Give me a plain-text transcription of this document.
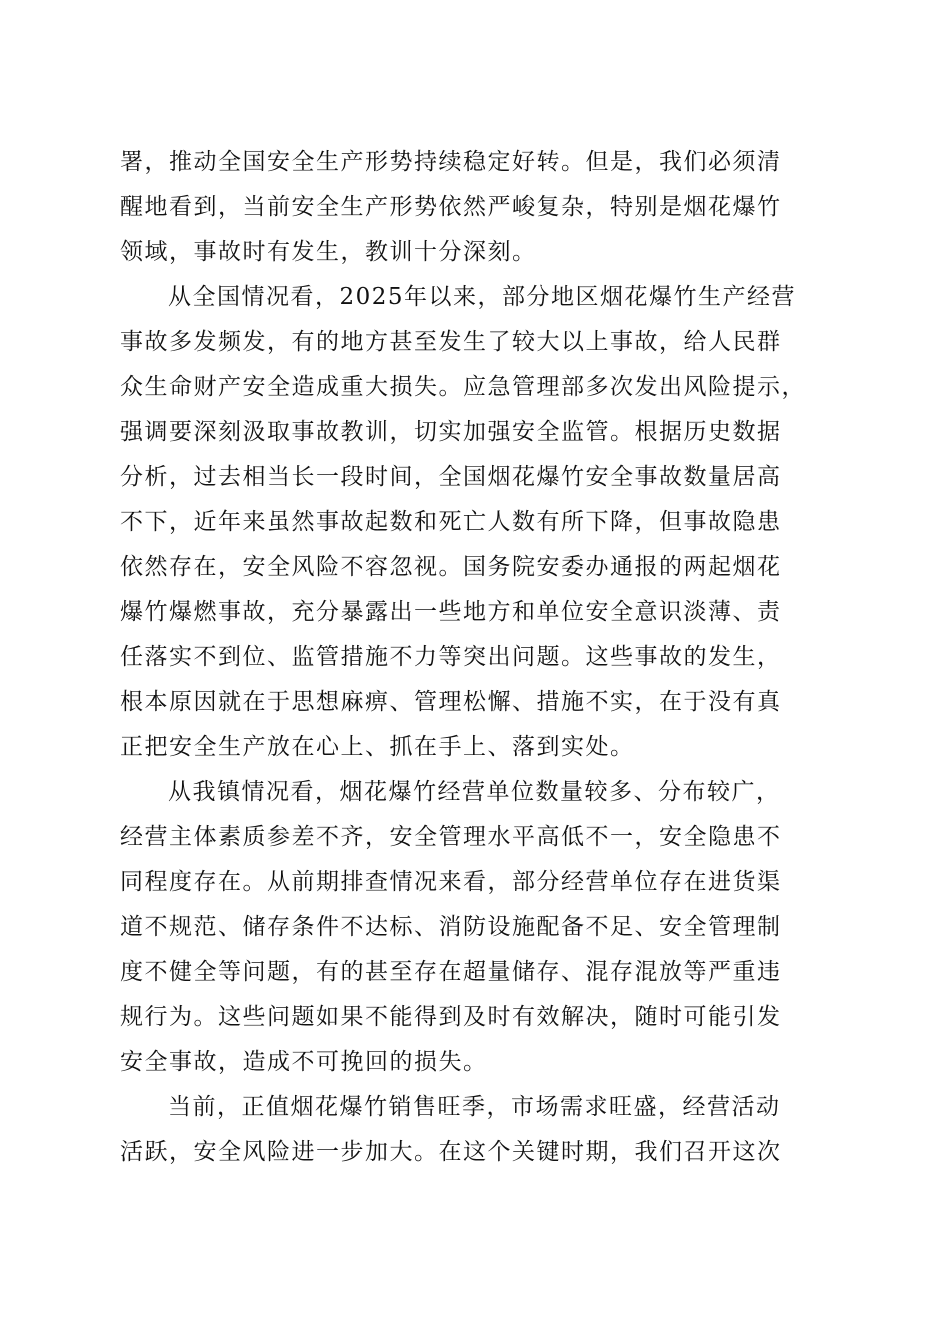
署，推动全国安全生产形势持续稳定好转。但是，我们必须清
醒地看到，当前安全生产形势依然严峻复杂，特别是烟花爆竹
领域，事故时有发生，教训十分深刻。
从全国情况看，2025年以来，部分地区烟花爆竹生产经营
事故多发频发，有的地方甚至发生了较大以上事故，给人民群
众生命财产安全造成重大损失。应急管理部多次发出风险提示，
强调要深刻汲取事故教训，切实加强安全监管。根据历史数据
分析，过去相当长一段时间，全国烟花爆竹安全事故数量居高
不下，近年来虽然事故起数和死亡人数有所下降，但事故隐患
依然存在，安全风险不容忽视。国务院安委办通报的两起烟花
爆竹爆燃事故，充分暴露出一些地方和单位安全意识淡薄、责
任落实不到位、监管措施不力等突出问题。这些事故的发生，
根本原因就在于思想麻痹、管理松懈、措施不实，在于没有真
正把安全生产放在心上、抓在手上、落到实处。
从我镇情况看，烟花爆竹经营单位数量较多、分布较广，
经营主体素质参差不齐，安全管理水平高低不一，安全隐患不
同程度存在。从前期排查情况来看，部分经营单位存在进货渠
道不规范、储存条件不达标、消防设施配备不足、安全管理制
度不健全等问题，有的甚至存在超量储存、混存混放等严重违
规行为。这些问题如果不能得到及时有效解决，随时可能引发
安全事故，造成不可挽回的损失。
当前，正值烟花爆竹销售旺季，市场需求旺盛，经营活动
活跃，安全风险进一步加大。在这个关键时期，我们召开这次
